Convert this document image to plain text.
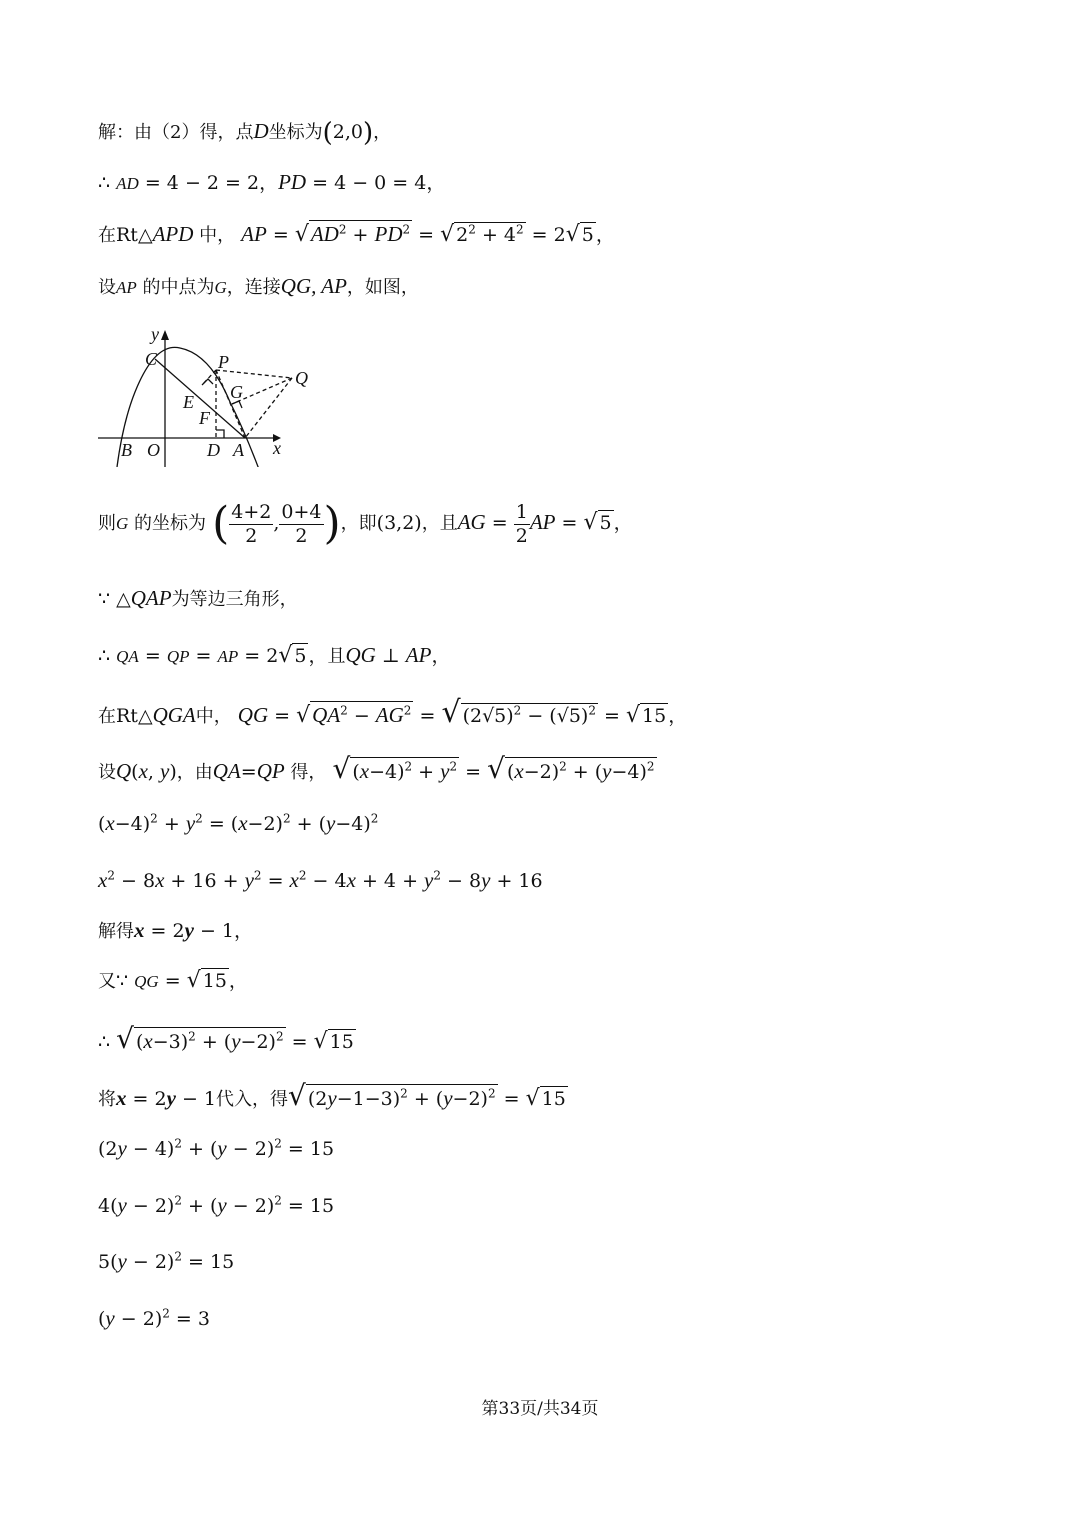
解：由（2）得，点D坐标为(2,0)，
∴ AD = 4 − 2 = 2，PD = 4 − 0 = 4，
在Rt△APD 中， AP = $√AD^2 + PD^2$ = √ $2^2 + 4^2 = 2√$ 5 ，
设AP 的中点为G，连接QG, AP，如图，
y
x
C	P
Q
E G
F
B O	D A
则G 的坐标为 ( $\frac{4+2}{2}$ , $\frac{0+4}{2}$ )，即(3,2)，且AG = $\frac{1}{2}$ AP = √ 5 ，
∵ △QAP为等边三角形，
∴ QA = QP = AP = 2√ 5 ，且QG ⊥ AP，
在Rt△QGA中， QG = $√QA^2 - AG^2$ = √ $(2√5)^2 - (√5)^2$ = √ 15 ，
设Q(x, y)，由QA=QP 得， √ $(x-4)^2 + y^2$ = √ $(x-2)^2 + (y-4)^2$
$(x-4)^2 + y^2 = (x-2)^2 + (y-4)^2$
$x^2 - 8x + 16 + y^2 = x^2 - 4x + 4 + y^2 - 8y + 16$
解得x = 2y − 1，
又∵ QG = √ 15 ，
∴ √ $(x-3)^2 + (y-2)^2$ = √ 15
将x = 2y − 1代入，得√ $(2y-1-3)^2 + (y-2)^2$ = √ 15
$(2y - 4)^2 + (y - 2)^2 = 15$
$4(y - 2)^2 + (y - 2)^2 = 15$
$5(y - 2)^2 = 15$
$(y - 2)^2 = 3$
第33页/共34页
